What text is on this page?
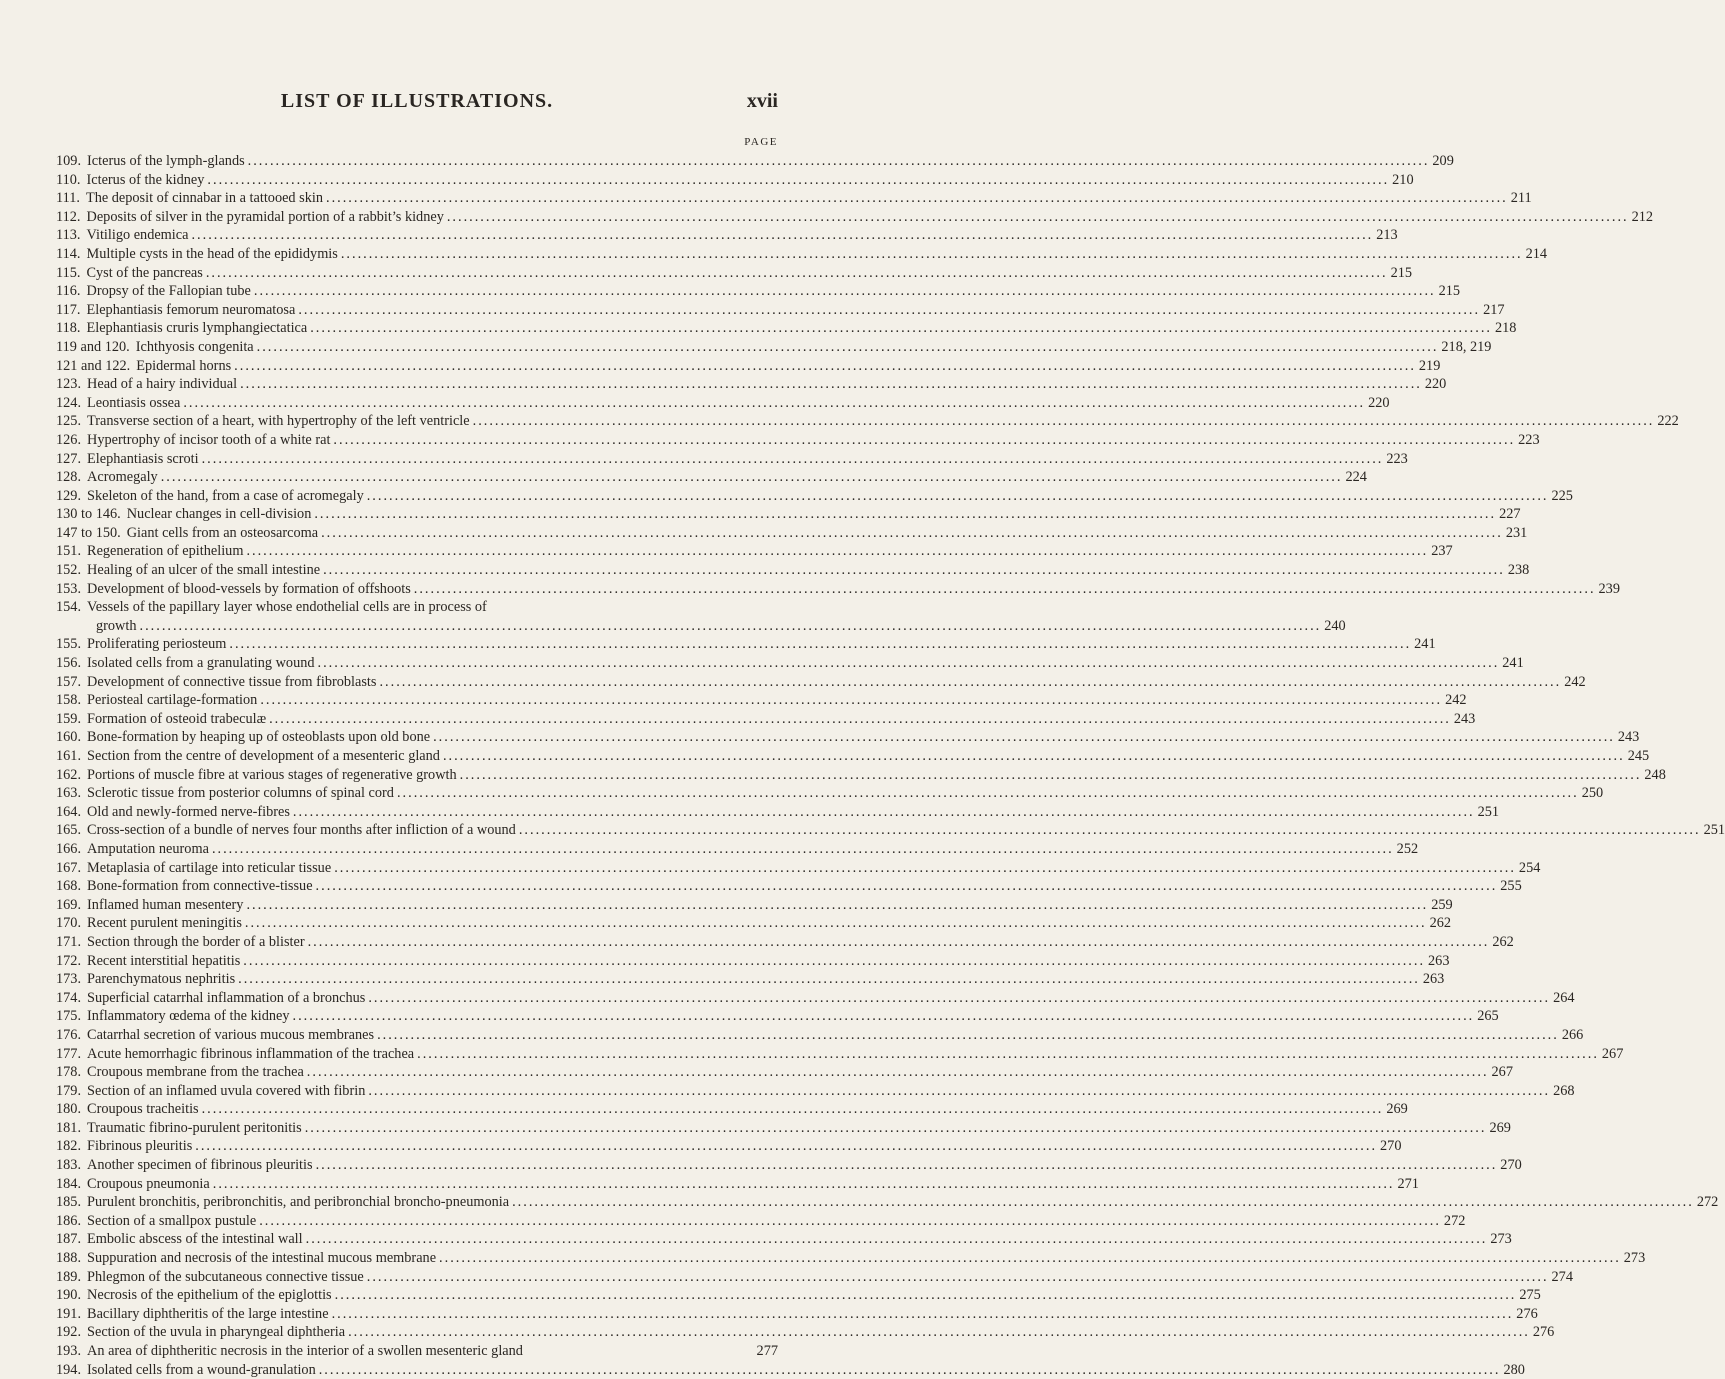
LIST OF ILLUSTRATIONS.	xvii
PAGE
109. Icterus of the lymph-glands .....	209
110. Icterus of the kidney .....	210
111. The deposit of cinnabar in a tattooed skin .....	211
112. Deposits of silver in the pyramidal portion of a rabbit’s kidney .....	212
113. Vitiligo endemica .....	213
114. Multiple cysts in the head of the epididymis .....	214
115. Cyst of the pancreas .....	215
116. Dropsy of the Fallopian tube .....	215
117. Elephantiasis femorum neuromatosa .....	217
118. Elephantiasis cruris lymphangiectatica .....	218
119 and 120. Ichthyosis congenita .....	218, 219
121 and 122. Epidermal horns .....	219
123. Head of a hairy individual .....	220
124. Leontiasis ossea .....	220
125. Transverse section of a heart, with hypertrophy of the left ventricle .....	222
126. Hypertrophy of incisor tooth of a white rat .....	223
127. Elephantiasis scroti .....	223
128. Acromegaly .....	224
129. Skeleton of the hand, from a case of acromegaly .....	225
130 to 146. Nuclear changes in cell-division .....	227
147 to 150. Giant cells from an osteosarcoma .....	231
151. Regeneration of epithelium .....	237
152. Healing of an ulcer of the small intestine .....	238
153. Development of blood-vessels by formation of offshoots .....	239
154. Vessels of the papillary layer whose endothelial cells are in process of
growth .....	240
155. Proliferating periosteum .....	241
156. Isolated cells from a granulating wound .....	241
157. Development of connective tissue from fibroblasts .....	242
158. Periosteal cartilage-formation .....	242
159. Formation of osteoid trabeculæ .....	243
160. Bone-formation by heaping up of osteoblasts upon old bone .....	243
161. Section from the centre of development of a mesenteric gland .....	245
162. Portions of muscle fibre at various stages of regenerative growth .....	248
163. Sclerotic tissue from posterior columns of spinal cord .....	250
164. Old and newly-formed nerve-fibres .....	251
165. Cross-section of a bundle of nerves four months after infliction of a wound .....	251
166. Amputation neuroma .....	252
167. Metaplasia of cartilage into reticular tissue .....	254
168. Bone-formation from connective-tissue .....	255
169. Inflamed human mesentery .....	259
170. Recent purulent meningitis .....	262
171. Section through the border of a blister .....	262
172. Recent interstitial hepatitis .....	263
173. Parenchymatous nephritis .....	263
174. Superficial catarrhal inflammation of a bronchus .....	264
175. Inflammatory œdema of the kidney .....	265
176. Catarrhal secretion of various mucous membranes .....	266
177. Acute hemorrhagic fibrinous inflammation of the trachea .....	267
178. Croupous membrane from the trachea .....	267
179. Section of an inflamed uvula covered with fibrin .....	268
180. Croupous tracheitis .....	269
181. Traumatic fibrino-purulent peritonitis .....	269
182. Fibrinous pleuritis .....	270
183. Another specimen of fibrinous pleuritis .....	270
184. Croupous pneumonia .....	271
185. Purulent bronchitis, peribronchitis, and peribronchial broncho-pneumonia .....	272
186. Section of a smallpox pustule .....	272
187. Embolic abscess of the intestinal wall .....	273
188. Suppuration and necrosis of the intestinal mucous membrane .....	273
189. Phlegmon of the subcutaneous connective tissue .....	274
190. Necrosis of the epithelium of the epiglottis .....	275
191. Bacillary diphtheritis of the large intestine .....	276
192. Section of the uvula in pharyngeal diphtheria .....	276
193. An area of diphtheritic necrosis in the interior of a swollen mesenteric gland	277
194. Isolated cells from a wound-granulation .....	280
